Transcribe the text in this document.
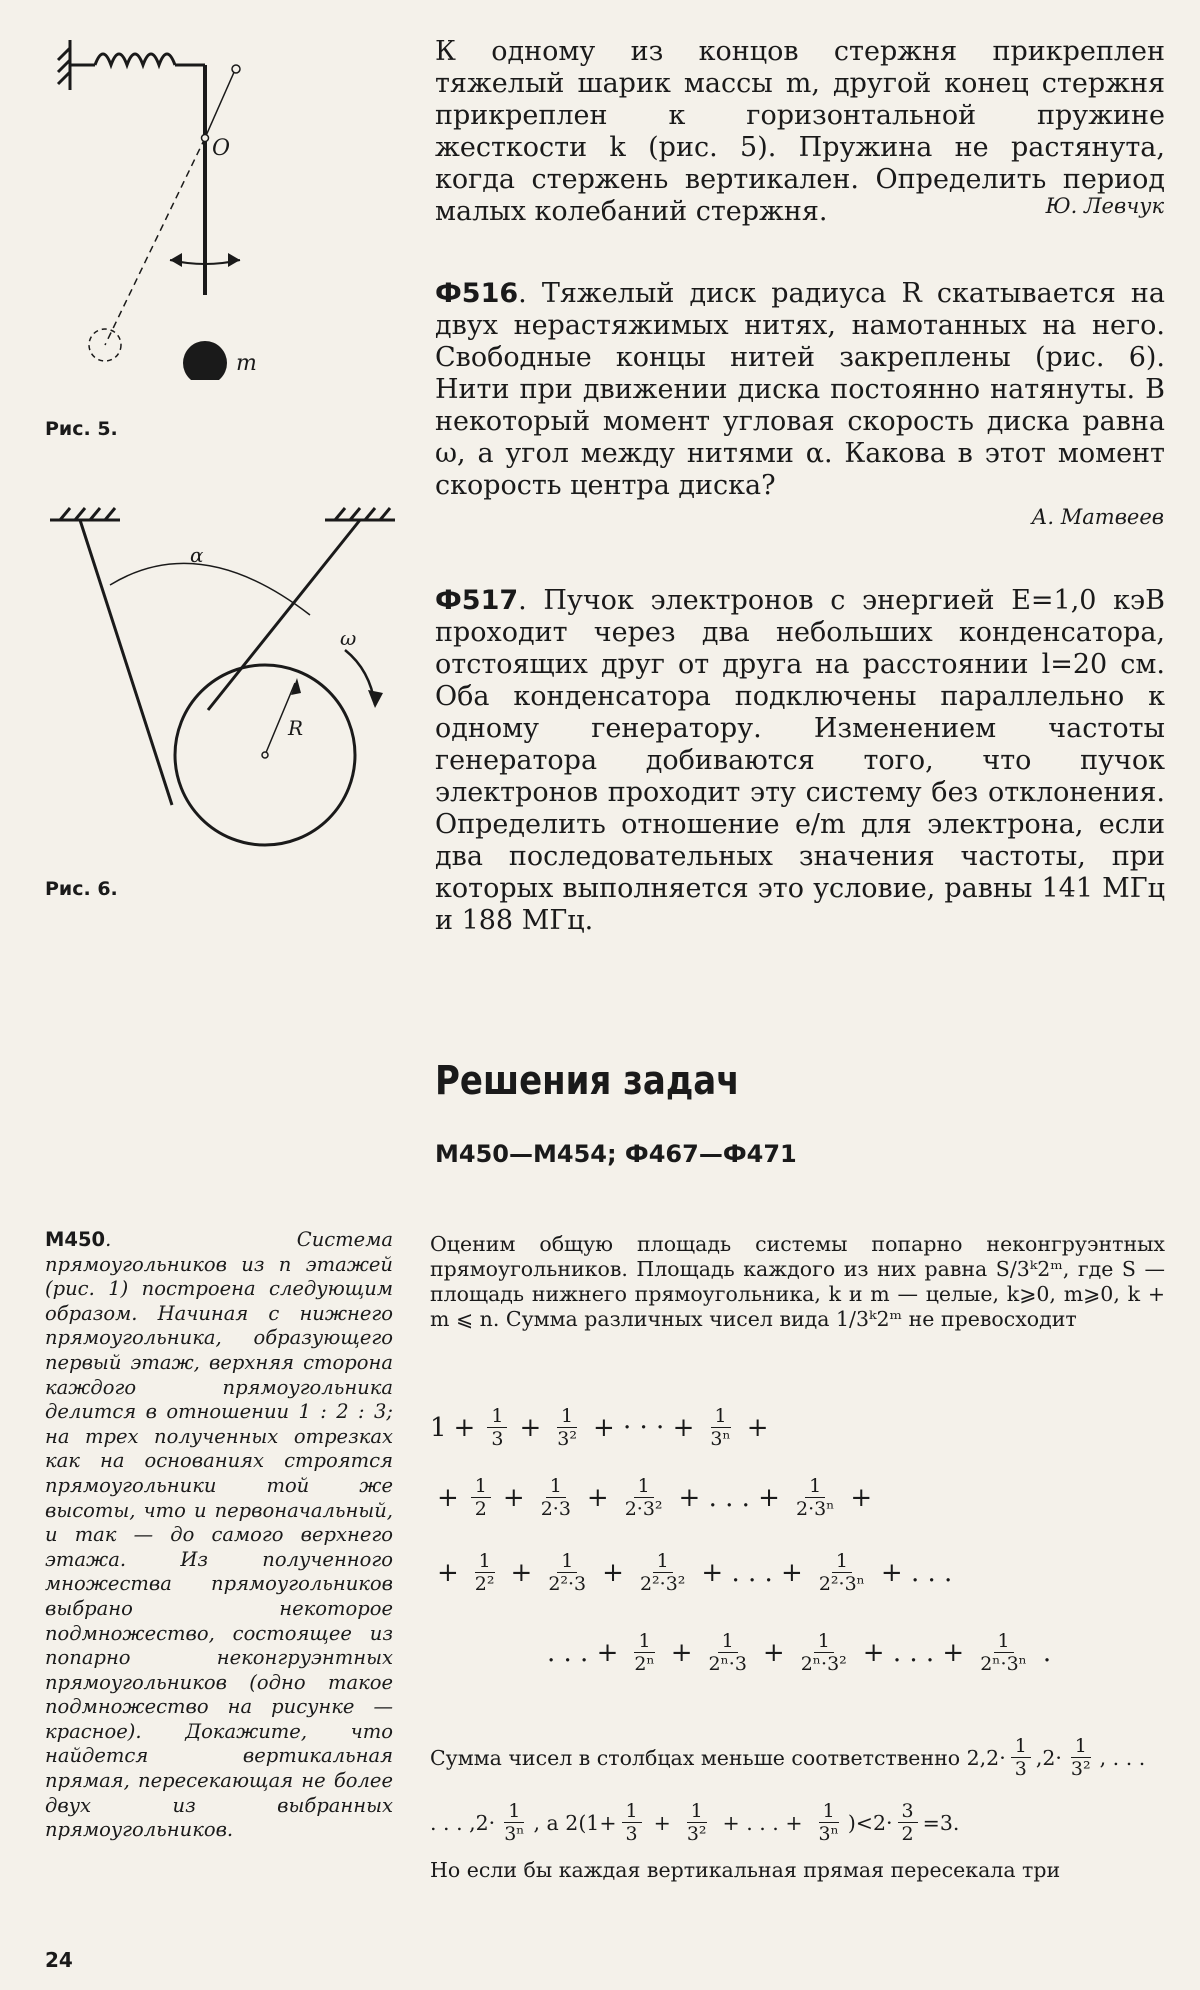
O
m
Рис. 5.
α
ω
R
Рис. 6.
К одному из концов стержня прикреплен тяжелый шарик массы m, другой конец стержня прикреплен к горизонтальной пружине жесткости k (рис. 5). Пружина не растянута, когда стержень вертикален. Определить период малых колебаний стержня.	Ю. Левчук
Ф516. Тяжелый диск радиуса R скатывается на двух нерастяжимых нитях, намотанных на него. Свободные концы нитей закреплены (рис. 6). Нити при движении диска постоянно натянуты. В некоторый момент угловая скорость диска равна ω, а угол между нитями α. Какова в этот момент скорость центра диска?
А. Матвеев
Ф517. Пучок электронов с энергией E=1,0 кэВ проходит через два небольших конденсатора, отстоящих друг от друга на расстоянии l=20 см. Оба конденсатора подключены параллельно к одному генератору. Изменением частоты генератора добиваются того, что пучок электронов проходит эту систему без отклонения. Определить отношение e/m для электрона, если два последовательных значения частоты, при которых выполняется это условие, равны 141 МГц и 188 МГц.
Решения задач
М450—М454; Ф467—Ф471
М450. Система прямоугольников из n этажей (рис. 1) построена следующим образом. Начиная с нижнего прямоугольника, образующего первый этаж, верхняя сторона каждого прямоугольника делится в отношении 1 : 2 : 3; на трех полученных отрезках как на основаниях строятся прямоугольники той же высоты, что и первоначальный, и так — до самого верхнего этажа. Из полученного множества прямоугольников выбрано некоторое подмножество, состоящее из попарно неконгруэнтных прямоугольников (одно такое подмножество на рисунке — красное). Докажите, что найдется вертикальная прямая, пересекающая не более двух из выбранных прямоугольников.
Оценим общую площадь системы попарно неконгруэнтных прямоугольников. Площадь каждого из них равна S/3ᵏ2ᵐ, где S — площадь нижнего прямоугольника, k и m — целые, k⩾0, m⩾0, k + m ⩽ n. Сумма различных чисел вида 1/3ᵏ2ᵐ не превосходит
$1 + \frac{1}{3} + \frac{1}{\text{3²}}$ + · · · + $\frac{1}{\text{3ⁿ}}$ +
+ $\frac{1}{2} + \frac{1}{2\cdot 3} + \frac{1}{\text{2·3²}}$ + . . . + $\frac{1}{\text{2·3ⁿ}}$ +
+ $\frac{1}{\text{2²}} + \frac{1}{\text{2²·3}} + \frac{1}{\text{2²·3²}}$ + . . . + $\frac{1}{\text{2²·3ⁿ}}$ + . . .
. . . + $\frac{1}{\text{2ⁿ}} + \frac{1}{\text{2ⁿ·3}} + \frac{1}{\text{2ⁿ·3²}}$ + . . . + $\frac{1}{\text{2ⁿ·3ⁿ}}$ .
Сумма чисел в столбцах меньше соответственно $2,2\cdot \frac{1}{3} ,2\cdot \frac{1}{\text{3²}}$ , . . .
. . . $,2\cdot \frac{1}{\text{3ⁿ}}$ , а $2(1+ \frac{1}{3} + \frac{1}{\text{3²}}$ + . . . + $\frac{1}{\text{3ⁿ}} )<2\cdot \frac{3}{2} =3$.
Но если бы каждая вертикальная прямая пересекала три
24
